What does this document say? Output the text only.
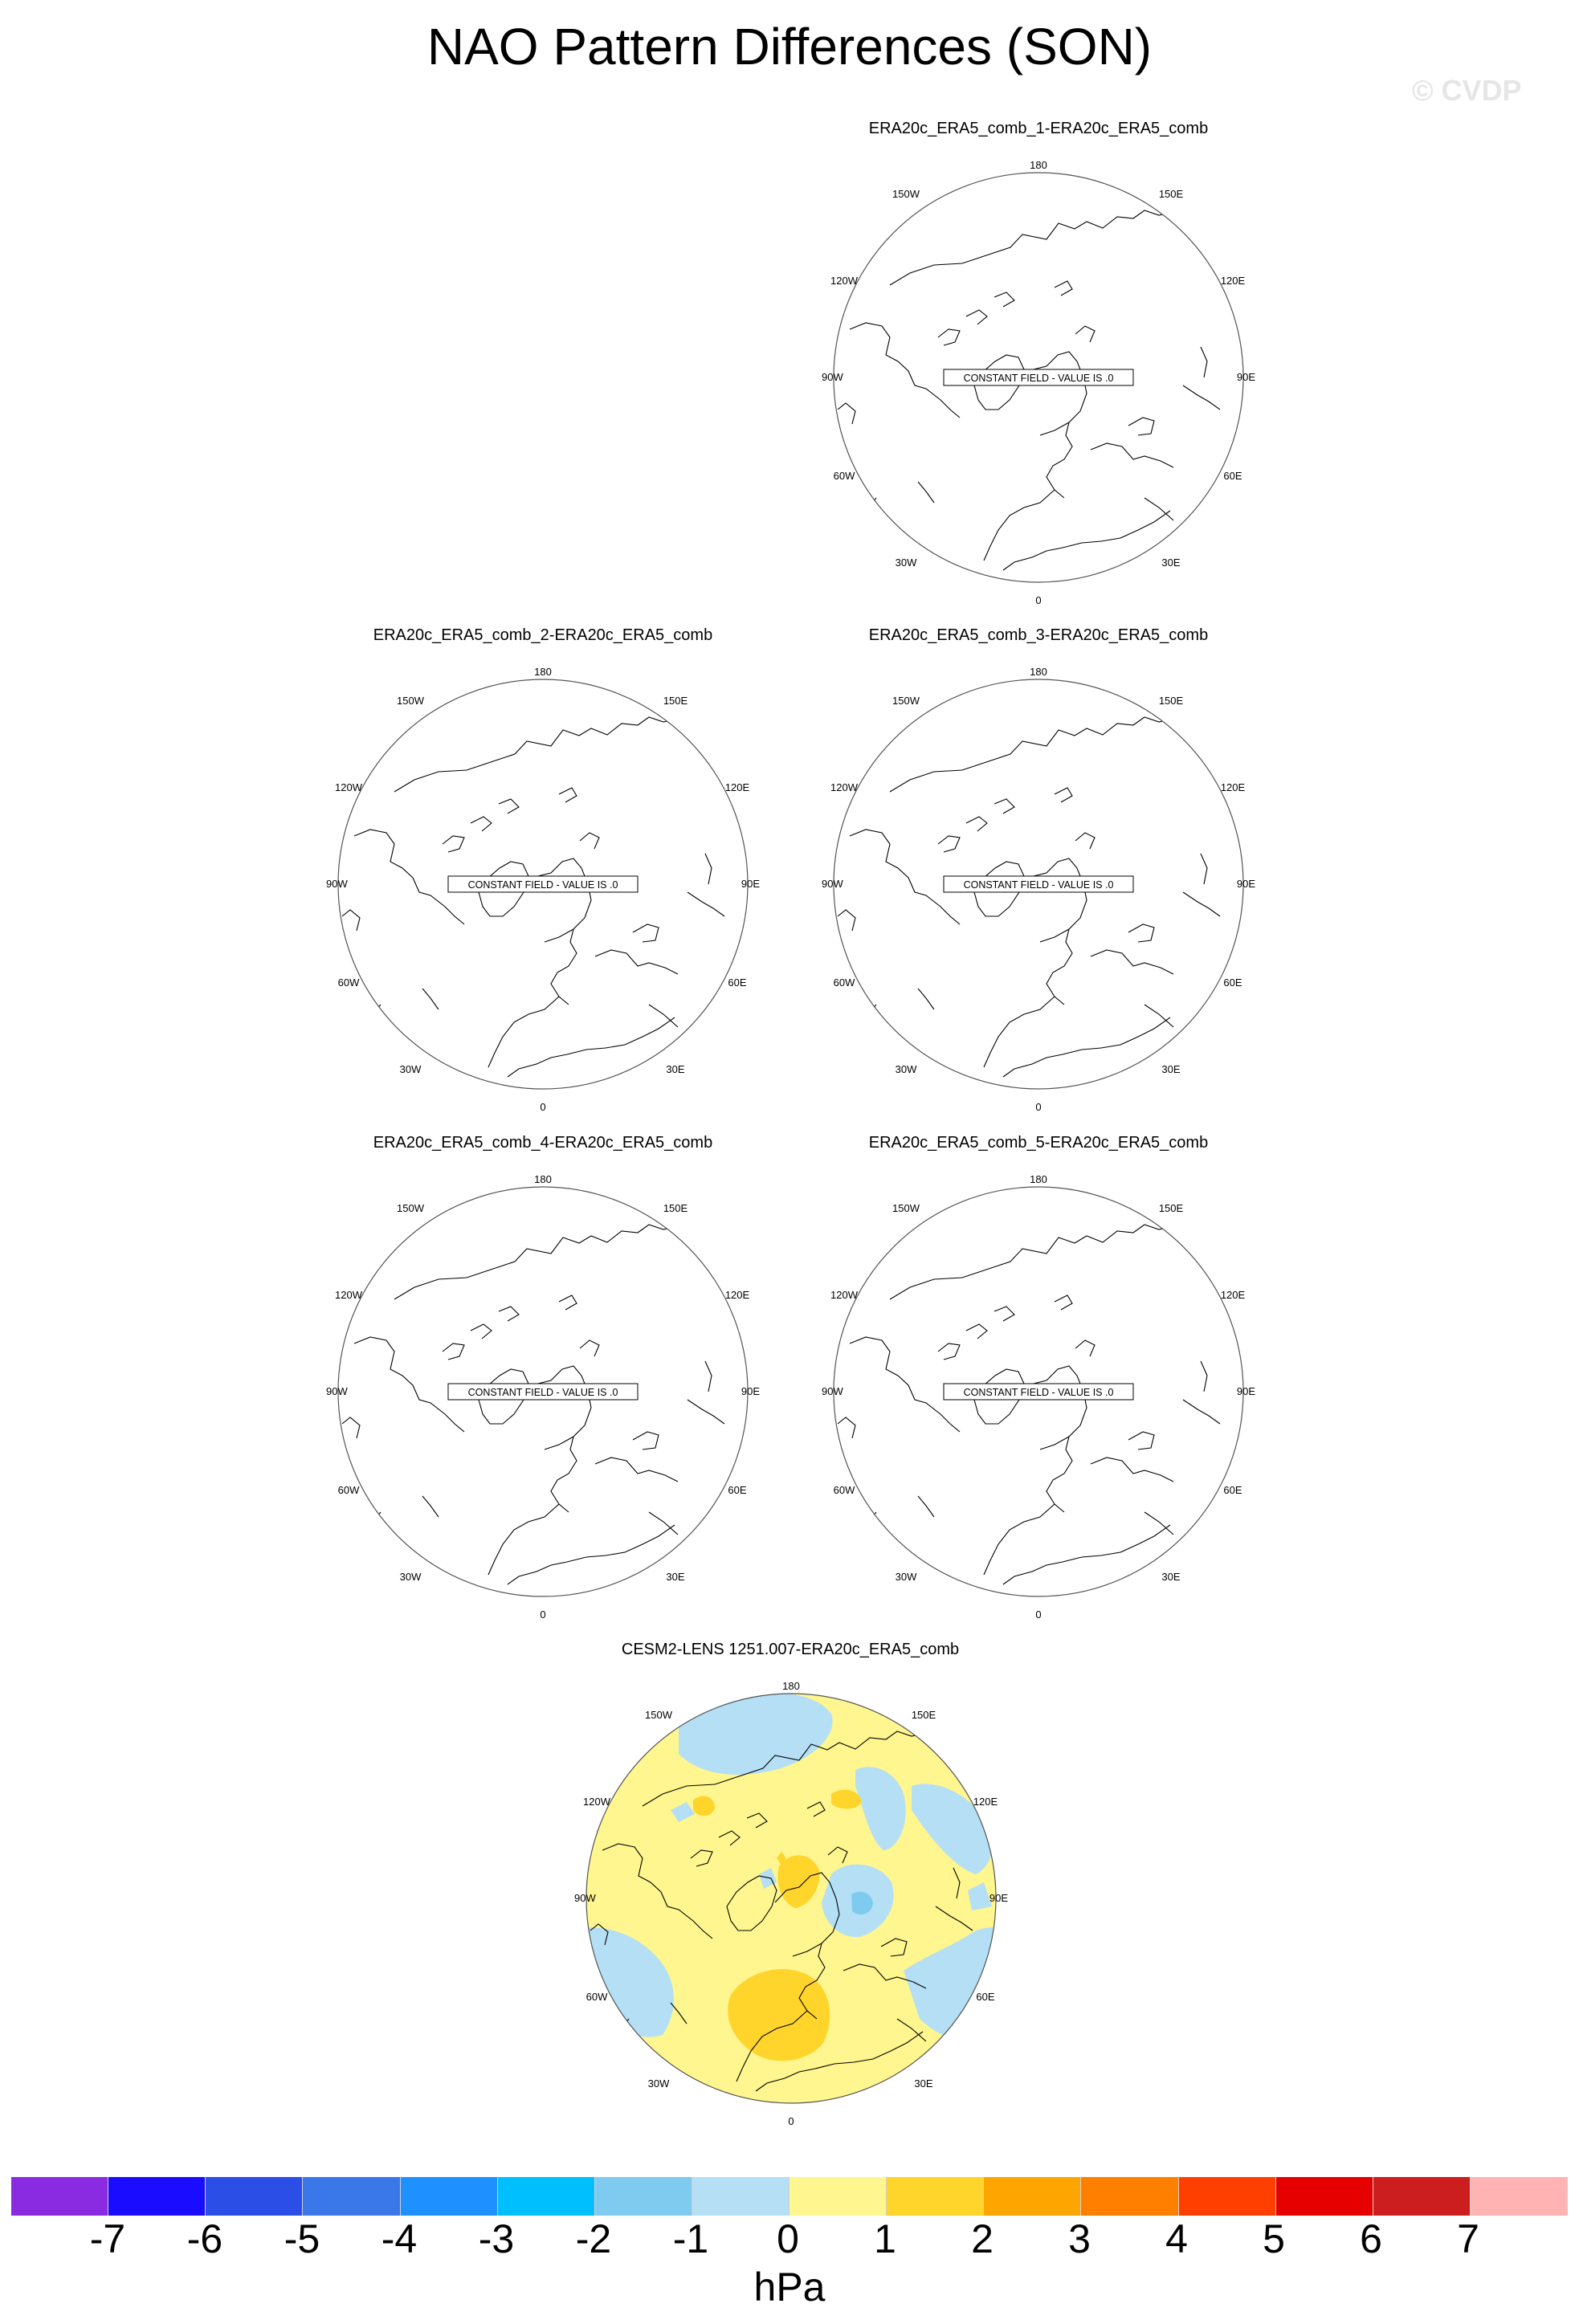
NAO Pattern Differences (SON)
© CVDP
ERA20c_ERA5_comb_1-ERA20c_ERA5_comb
ERA20c_ERA5_comb_2-ERA20c_ERA5_comb	ERA20c_ERA5_comb_3-ERA20c_ERA5_comb
ERA20c_ERA5_comb_4-ERA20c_ERA5_comb	ERA20c_ERA5_comb_5-ERA20c_ERA5_comb
CESM2-LENS 1251.007-ERA20c_ERA5_comb
180
0
90W	90E
150W	150E
120W	120E
60W	60E
30W	30E
CONSTANT FIELD - VALUE IS .0
180
0
90W	90E
150W	150E
120W	120E
60W	60E
30W	30E
CONSTANT FIELD - VALUE IS .0
180
0
90W	90E
150W	150E
120W	120E
60W	60E
30W	30E
CONSTANT FIELD - VALUE IS .0
180
0
90W	90E
150W	150E
120W	120E
60W	60E
30W	30E
CONSTANT FIELD - VALUE IS .0
180
0
90W	90E
150W	150E
120W	120E
60W	60E
30W	30E
CONSTANT FIELD - VALUE IS .0
180
0
90W	90E
150W	150E
120W	120E
60W	60E
30W	30E
-7	-6	-5	-4	-3	-2	-1	0	1	2	3	4	5	6	7
hPa
